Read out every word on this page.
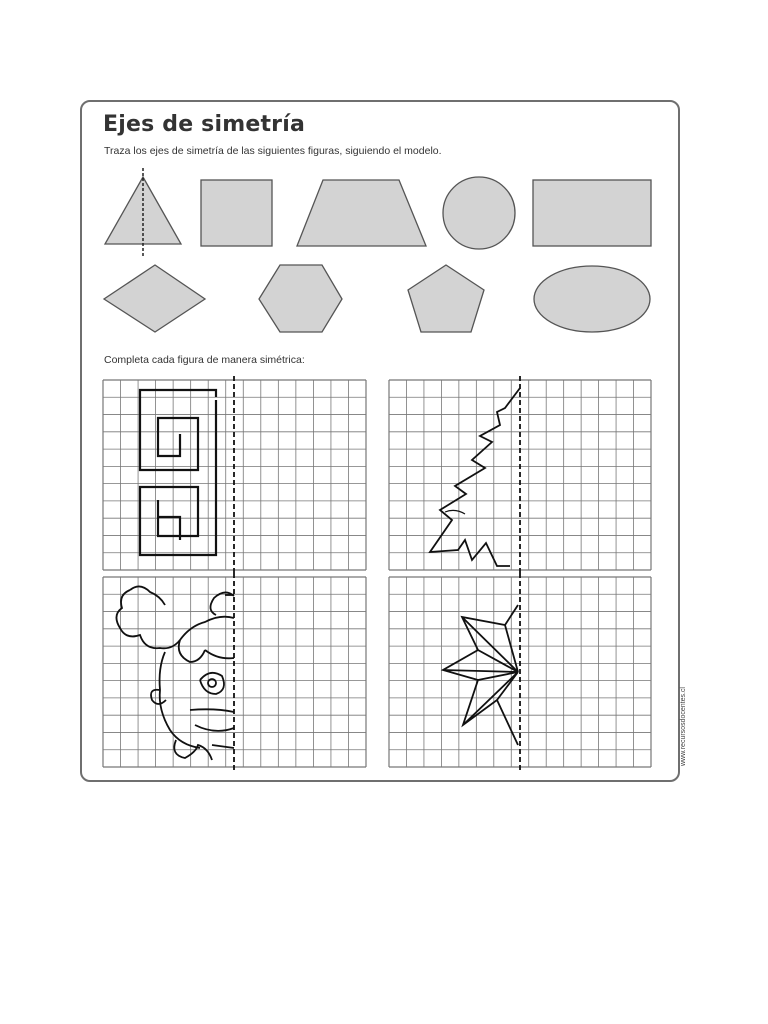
Ejes de simetría
Traza los ejes de simetría de las siguientes figuras, siguiendo el modelo.
Completa cada figura de manera simétrica:
www.recursosdocentes.cl
